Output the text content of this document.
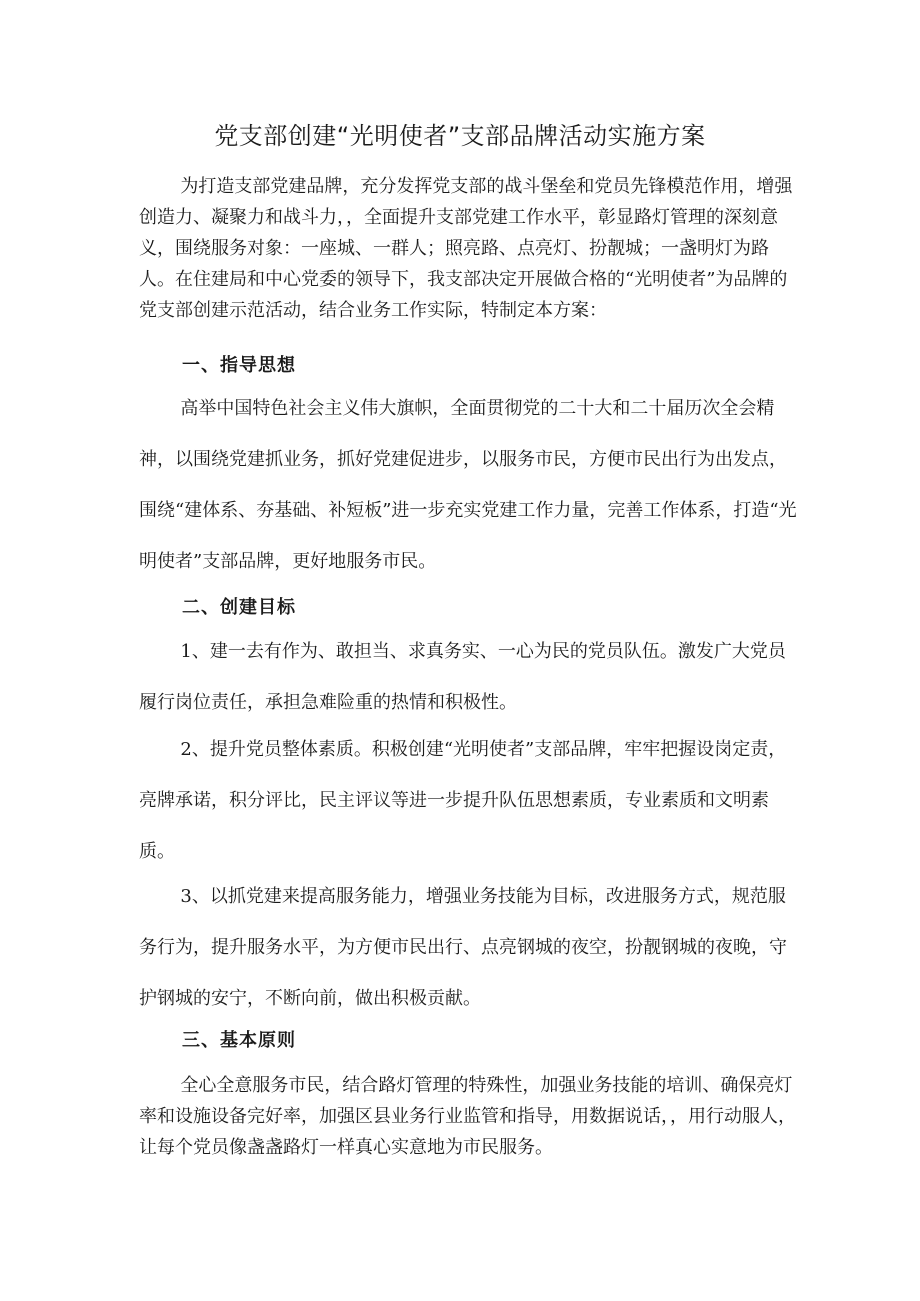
党支部创建“光明使者”支部品牌活动实施方案

为打造支部党建品牌，充分发挥党支部的战斗堡垒和党员先锋模范作用，增强创造力、凝聚力和战斗力，，全面提升支部党建工作水平，彰显路灯管理的深刻意义，围绕服务对象：一座城、一群人；照亮路、点亮灯、扮靓城；一盏明灯为路人。在住建局和中心党委的领导下，我支部决定开展做合格的“光明使者”为品牌的党支部创建示范活动，结合业务工作实际，特制定本方案：

一、指导思想

高举中国特色社会主义伟大旗帜，全面贯彻党的二十大和二十届历次全会精神，以围绕党建抓业务，抓好党建促进步，以服务市民，方便市民出行为出发点，围绕“建体系、夯基础、补短板”进一步充实党建工作力量，完善工作体系，打造“光明使者”支部品牌，更好地服务市民。

二、创建目标

1、建一去有作为、敢担当、求真务实、一心为民的党员队伍。激发广大党员履行岗位责任，承担急难险重的热情和积极性。

2、提升党员整体素质。积极创建“光明使者”支部品牌，牢牢把握设岗定责，亮牌承诺，积分评比，民主评议等进一步提升队伍思想素质，专业素质和文明素质。

3、以抓党建来提高服务能力，增强业务技能为目标，改进服务方式，规范服务行为，提升服务水平，为方便市民出行、点亮钢城的夜空，扮靓钢城的夜晚，守护钢城的安宁，不断向前，做出积极贡献。

三、基本原则

全心全意服务市民，结合路灯管理的特殊性，加强业务技能的培训、确保亮灯率和设施设备完好率，加强区县业务行业监管和指导，用数据说话，，用行动服人，让每个党员像盏盏路灯一样真心实意地为市民服务。
